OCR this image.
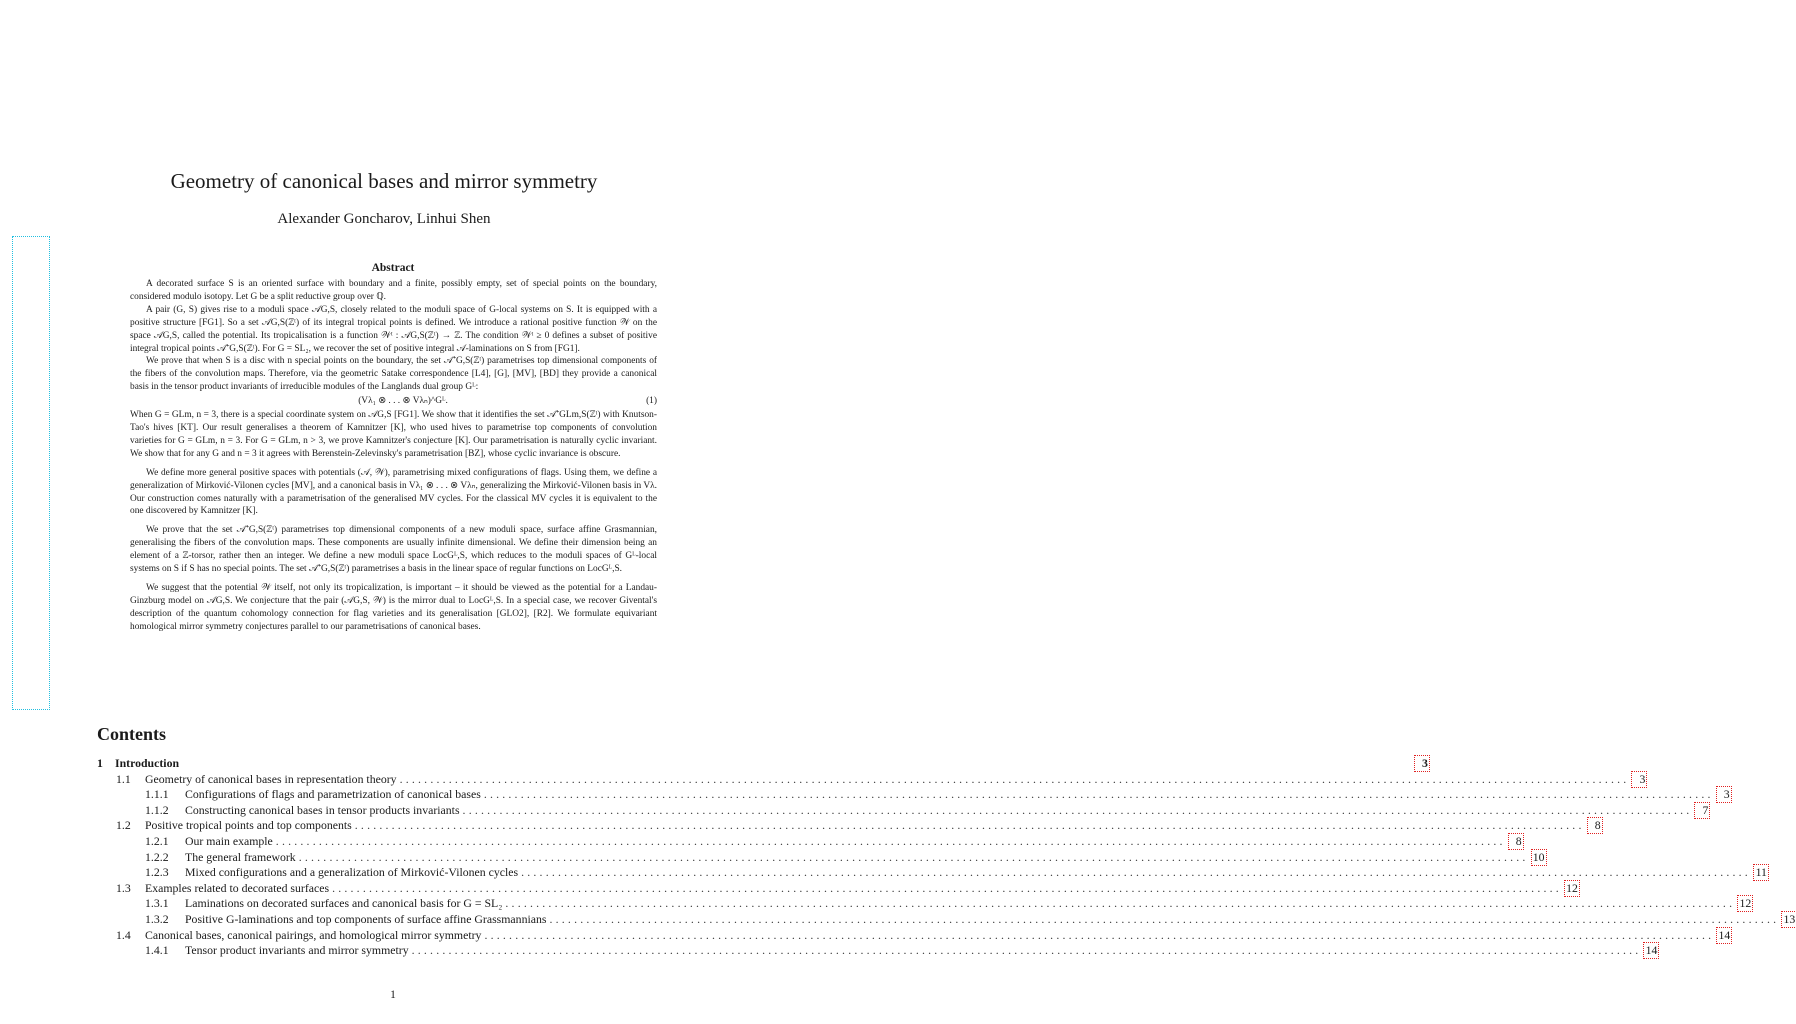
Geometry of canonical bases and mirror symmetry
Alexander Goncharov, Linhui Shen
Abstract

A decorated surface S is an oriented surface with boundary and a finite, possibly empty, set of special points on the boundary, considered modulo isotopy. Let G be a split reductive group over ℚ.

A pair (G, S) gives rise to a moduli space 𝒜G,S, closely related to the moduli space of G-local systems on S. It is equipped with a positive structure [FG1]. So a set 𝒜G,S(ℤᵗ) of its integral tropical points is defined. We introduce a rational positive function 𝒲 on the space 𝒜G,S, called the potential. Its tropicalisation is a function 𝒲ᵗ : 𝒜G,S(ℤᵗ) → ℤ. The condition 𝒲ᵗ ≥ 0 defines a subset of positive integral tropical points 𝒜⁺G,S(ℤᵗ). For G = SL₂, we recover the set of positive integral 𝒜-laminations on S from [FG1].

We prove that when S is a disc with n special points on the boundary, the set 𝒜⁺G,S(ℤᵗ) parametrises top dimensional components of the fibers of the convolution maps. Therefore, via the geometric Satake correspondence [L4], [G], [MV], [BD] they provide a canonical basis in the tensor product invariants of irreducible modules of the Langlands dual group Gᴸ:

(Vλ₁ ⊗ . . . ⊗ Vλₙ)^Gᴸ.	(1)

When G = GLm, n = 3, there is a special coordinate system on 𝒜G,S [FG1]. We show that it identifies the set 𝒜⁺GLm,S(ℤᵗ) with Knutson-Tao's hives [KT]. Our result generalises a theorem of Kamnitzer [K], who used hives to parametrise top components of convolution varieties for G = GLm, n = 3. For G = GLm, n > 3, we prove Kamnitzer's conjecture [K]. Our parametrisation is naturally cyclic invariant. We show that for any G and n = 3 it agrees with Berenstein-Zelevinsky's parametrisation [BZ], whose cyclic invariance is obscure.

We define more general positive spaces with potentials (𝒜, 𝒲), parametrising mixed configurations of flags. Using them, we define a generalization of Mirković-Vilonen cycles [MV], and a canonical basis in Vλ₁ ⊗ . . . ⊗ Vλₙ, generalizing the Mirković-Vilonen basis in Vλ. Our construction comes naturally with a parametrisation of the generalised MV cycles. For the classical MV cycles it is equivalent to the one discovered by Kamnitzer [K].

We prove that the set 𝒜⁺G,S(ℤᵗ) parametrises top dimensional components of a new moduli space, surface affine Grasmannian, generalising the fibers of the convolution maps. These components are usually infinite dimensional. We define their dimension being an element of a ℤ-torsor, rather then an integer. We define a new moduli space LocGᴸ,S, which reduces to the moduli spaces of Gᴸ-local systems on S if S has no special points. The set 𝒜⁺G,S(ℤᵗ) parametrises a basis in the linear space of regular functions on LocGᴸ,S.

We suggest that the potential 𝒲 itself, not only its tropicalization, is important – it should be viewed as the potential for a Landau-Ginzburg model on 𝒜G,S. We conjecture that the pair (𝒜G,S, 𝒲) is the mirror dual to LocGᴸ,S. In a special case, we recover Givental's description of the quantum cohomology connection for flag varieties and its generalisation [GLO2], [R2]. We formulate equivariant homological mirror symmetry conjectures parallel to our parametrisations of canonical bases.

Contents
1	Introduction	3
1.1	Geometry of canonical bases in representation theory ........................................................................................................................................................................................................ 3
1.1.1	Configurations of flags and parametrization of canonical bases ........................................................................................................................................................................................................ 3
1.1.2	Constructing canonical bases in tensor products invariants ........................................................................................................................................................................................................ 7
1.2	Positive tropical points and top components ........................................................................................................................................................................................................ 8
1.2.1	Our main example ........................................................................................................................................................................................................ 8
1.2.2	The general framework ........................................................................................................................................................................................................ 10
1.2.3	Mixed configurations and a generalization of Mirković-Vilonen cycles ........................................................................................................................................................................................................ 11
1.3	Examples related to decorated surfaces ........................................................................................................................................................................................................ 12
1.3.1	Laminations on decorated surfaces and canonical basis for G = SL₂ ........................................................................................................................................................................................................ 12
1.3.2	Positive G-laminations and top components of surface affine Grassmannians ........................................................................................................................................................................................................ 13
1.4	Canonical bases, canonical pairings, and homological mirror symmetry ........................................................................................................................................................................................................ 14
1.4.1	Tensor product invariants and mirror symmetry ........................................................................................................................................................................................................ 14
1
